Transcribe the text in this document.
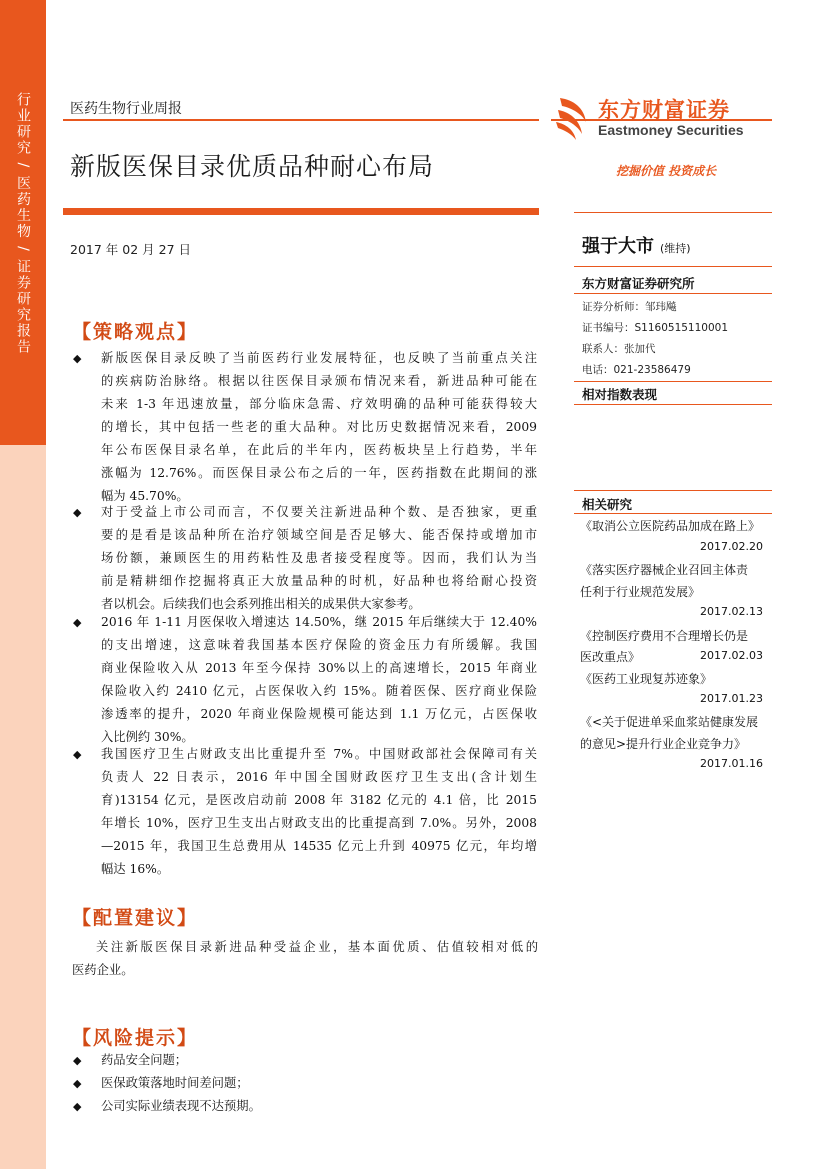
行业研究 / 医药生物 / 证券研究报告	医药生物行业周报
新版医保目录优质品种耐心布局
2017 年 02 月 27 日
东方财富证券
Eastmoney Securities
挖掘价值 投资成长
强于大市 (维持)
东方财富证券研究所
证券分析师：邹玮飚
证书编号：S1160515110001
联系人：张加代
电话：021-23586479
相对指数表现
相关研究
《取消公立医院药品加成在路上》
2017.02.20
《落实医疗器械企业召回主体责
任利于行业规范发展》
2017.02.13
《控制医疗费用不合理增长仍是
医改重点》	2017.02.03
《医药工业现复苏迹象》
2017.01.23
《<关于促进单采血浆站健康发展
的意见>提升行业企业竞争力》
2017.01.16
【策略观点】
◆ 新版医保目录反映了当前医药行业发展特征，也反映了当前重点关注
的疾病防治脉络。根据以往医保目录颁布情况来看，新进品种可能在
未来 1-3 年迅速放量，部分临床急需、疗效明确的品种可能获得较大
的增长，其中包括一些老的重大品种。对比历史数据情况来看，2009
年公布医保目录名单，在此后的半年内，医药板块呈上行趋势，半年
涨幅为 12.76%。而医保目录公布之后的一年，医药指数在此期间的涨
幅为 45.70%。
◆ 对于受益上市公司而言，不仅要关注新进品种个数、是否独家，更重
要的是看是该品种所在治疗领域空间是否足够大、能否保持或增加市
场份额，兼顾医生的用药粘性及患者接受程度等。因而，我们认为当
前是精耕细作挖掘将真正大放量品种的时机，好品种也将给耐心投资
者以机会。后续我们也会系列推出相关的成果供大家参考。
◆ 2016 年 1-11 月医保收入增速达 14.50%，继 2015 年后继续大于 12.40%
的支出增速，这意味着我国基本医疗保险的资金压力有所缓解。我国
商业保险收入从 2013 年至今保持 30%以上的高速增长，2015 年商业
保险收入约 2410 亿元，占医保收入约 15%。随着医保、医疗商业保险
渗透率的提升，2020 年商业保险规模可能达到 1.1 万亿元，占医保收
入比例约 30%。
◆ 我国医疗卫生占财政支出比重提升至 7%。中国财政部社会保障司有关
负责人 22 日表示，2016 年中国全国财政医疗卫生支出(含计划生
育)13154 亿元，是医改启动前 2008 年 3182 亿元的 4.1 倍，比 2015
年增长 10%，医疗卫生支出占财政支出的比重提高到 7.0%。另外，2008
—2015 年，我国卫生总费用从 14535 亿元上升到 40975 亿元，年均增
幅达 16%。
【配置建议】
关注新版医保目录新进品种受益企业，基本面优质、估值较相对低的
医药企业。
【风险提示】
◆ 药品安全问题；
◆ 医保政策落地时间差问题；
◆ 公司实际业绩表现不达预期。
